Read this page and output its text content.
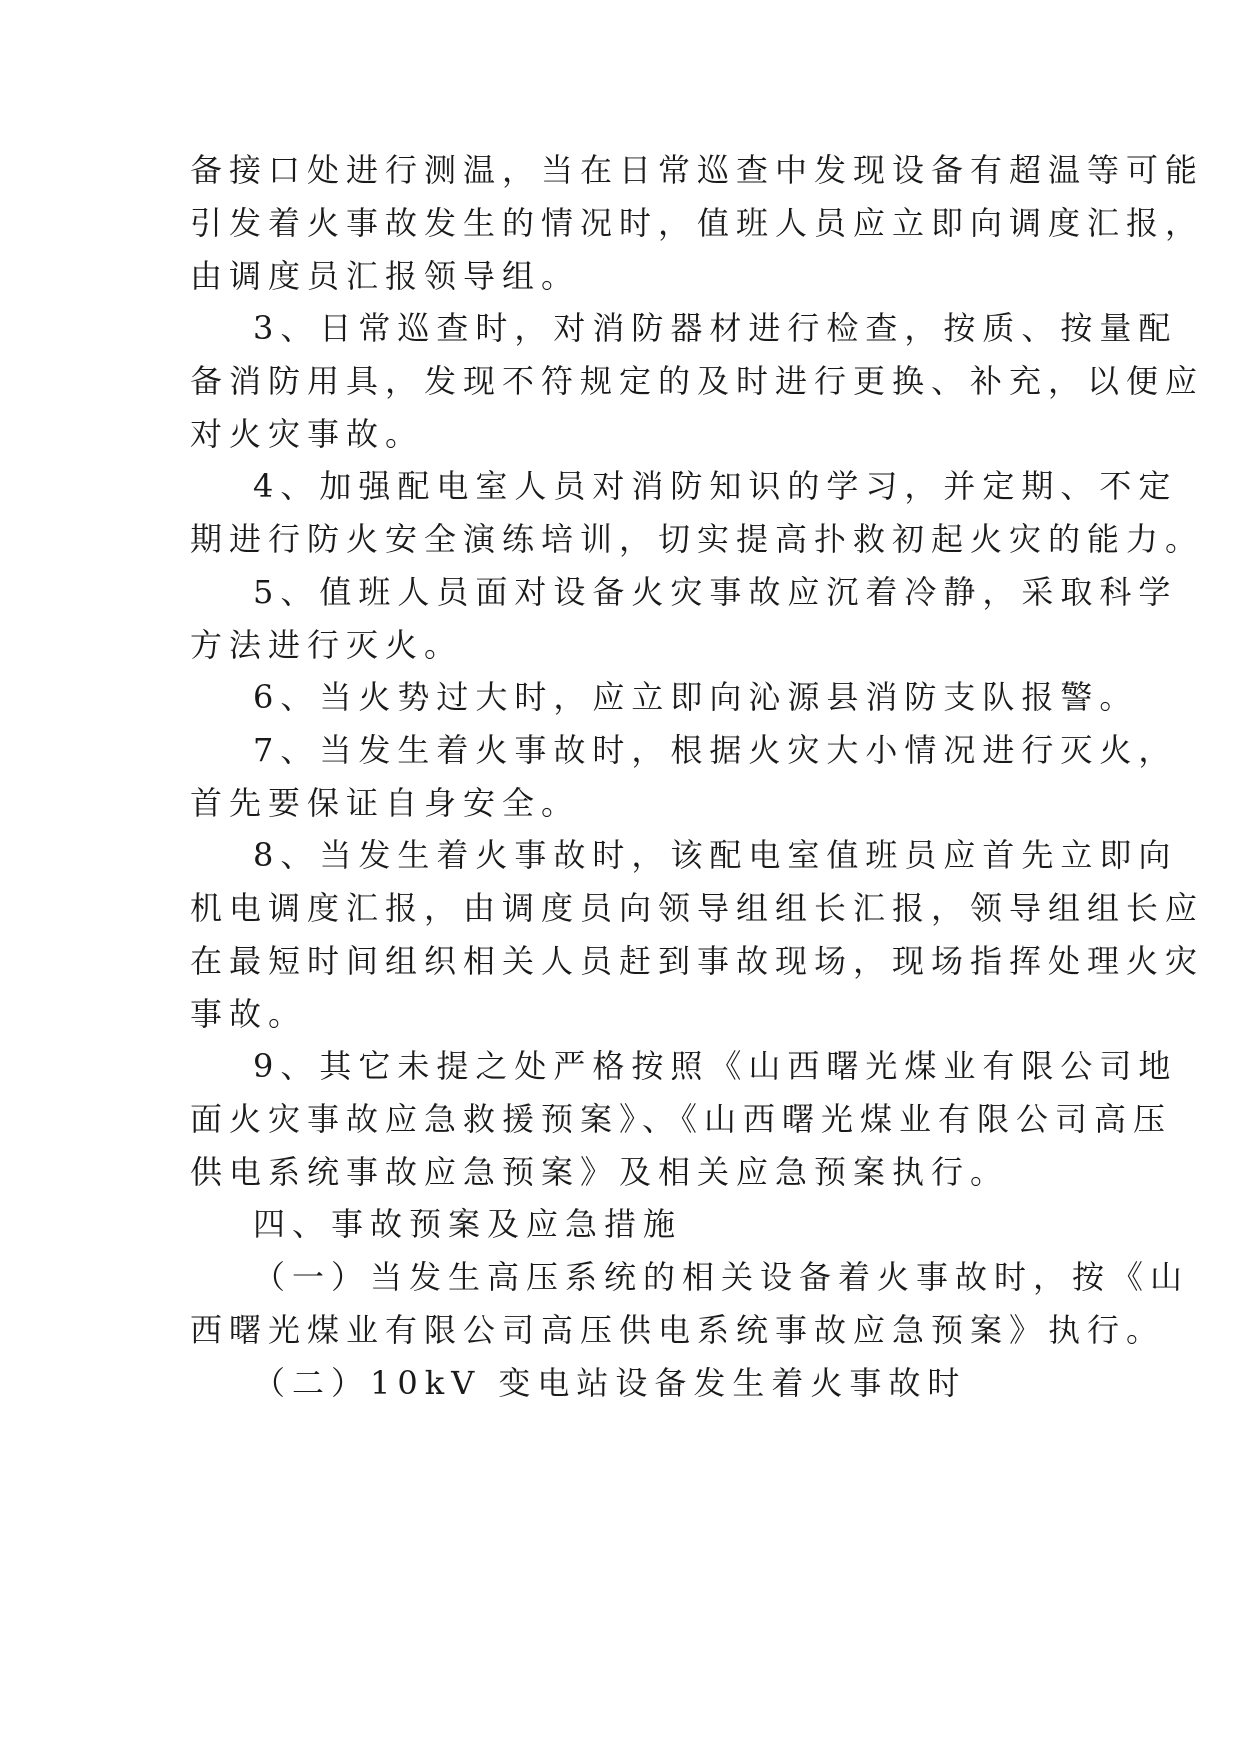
备接口处进行测温，当在日常巡查中发现设备有超温等可能
引发着火事故发生的情况时，值班人员应立即向调度汇报，
由调度员汇报领导组。
3、日常巡查时，对消防器材进行检查，按质、按量配
备消防用具，发现不符规定的及时进行更换、补充，以便应
对火灾事故。
4、加强配电室人员对消防知识的学习，并定期、不定
期进行防火安全演练培训，切实提高扑救初起火灾的能力。
5、值班人员面对设备火灾事故应沉着冷静，采取科学
方法进行灭火。
6、当火势过大时，应立即向沁源县消防支队报警。
7、当发生着火事故时，根据火灾大小情况进行灭火，
首先要保证自身安全。
8、当发生着火事故时，该配电室值班员应首先立即向
机电调度汇报，由调度员向领导组组长汇报，领导组组长应
在最短时间组织相关人员赶到事故现场，现场指挥处理火灾
事故。
9、其它未提之处严格按照《山西曙光煤业有限公司地
面火灾事故应急救援预案》、《山西曙光煤业有限公司高压
供电系统事故应急预案》及相关应急预案执行。
四、事故预案及应急措施
（一）当发生高压系统的相关设备着火事故时，按《山
西曙光煤业有限公司高压供电系统事故应急预案》执行。
（二）10kV 变电站设备发生着火事故时
